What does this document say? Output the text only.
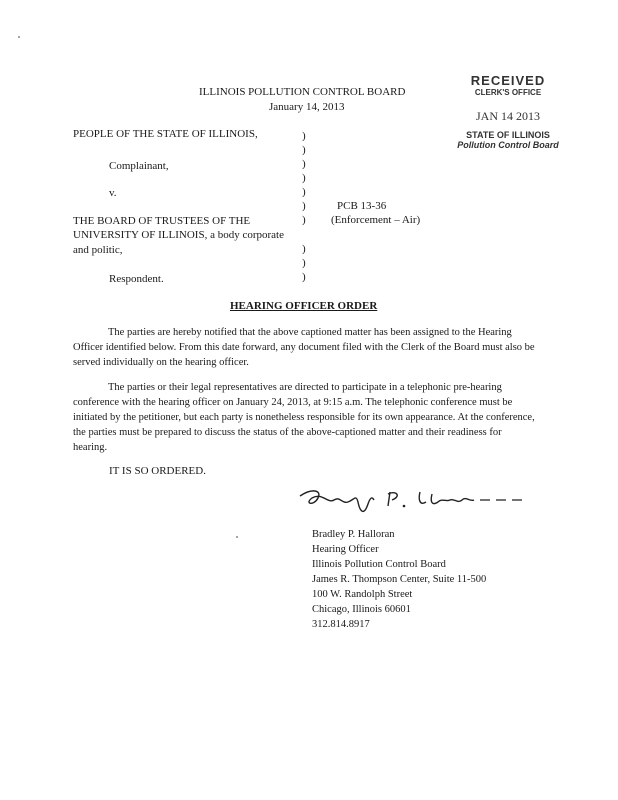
ILLINOIS POLLUTION CONTROL BOARD
January 14, 2013
RECEIVED
CLERK'S OFFICE
JAN 14 2013
STATE OF ILLINOIS
Pollution Control Board
PEOPLE OF THE STATE OF ILLINOIS,
Complainant,
v.
THE BOARD OF TRUSTEES OF THE
UNIVERSITY OF ILLINOIS, a body corporate
and politic,
Respondent.
)
)
)
)
)
)
)
)
)
)
PCB 13-36
(Enforcement – Air)
HEARING OFFICER ORDER
The parties are hereby notified that the above captioned matter has been assigned to the Hearing Officer identified below. From this date forward, any document filed with the Clerk of the Board must also be served individually on the hearing officer.
The parties or their legal representatives are directed to participate in a telephonic pre-hearing conference with the hearing officer on January 24, 2013, at 9:15 a.m. The telephonic conference must be initiated by the petitioner, but each party is nonetheless responsible for its own appearance. At the conference, the parties must be prepared to discuss the status of the above-captioned matter and their readiness for hearing.
IT IS SO ORDERED.
Bradley P. Halloran
Hearing Officer
Illinois Pollution Control Board
James R. Thompson Center, Suite 11-500
100 W. Randolph Street
Chicago, Illinois 60601
312.814.8917
